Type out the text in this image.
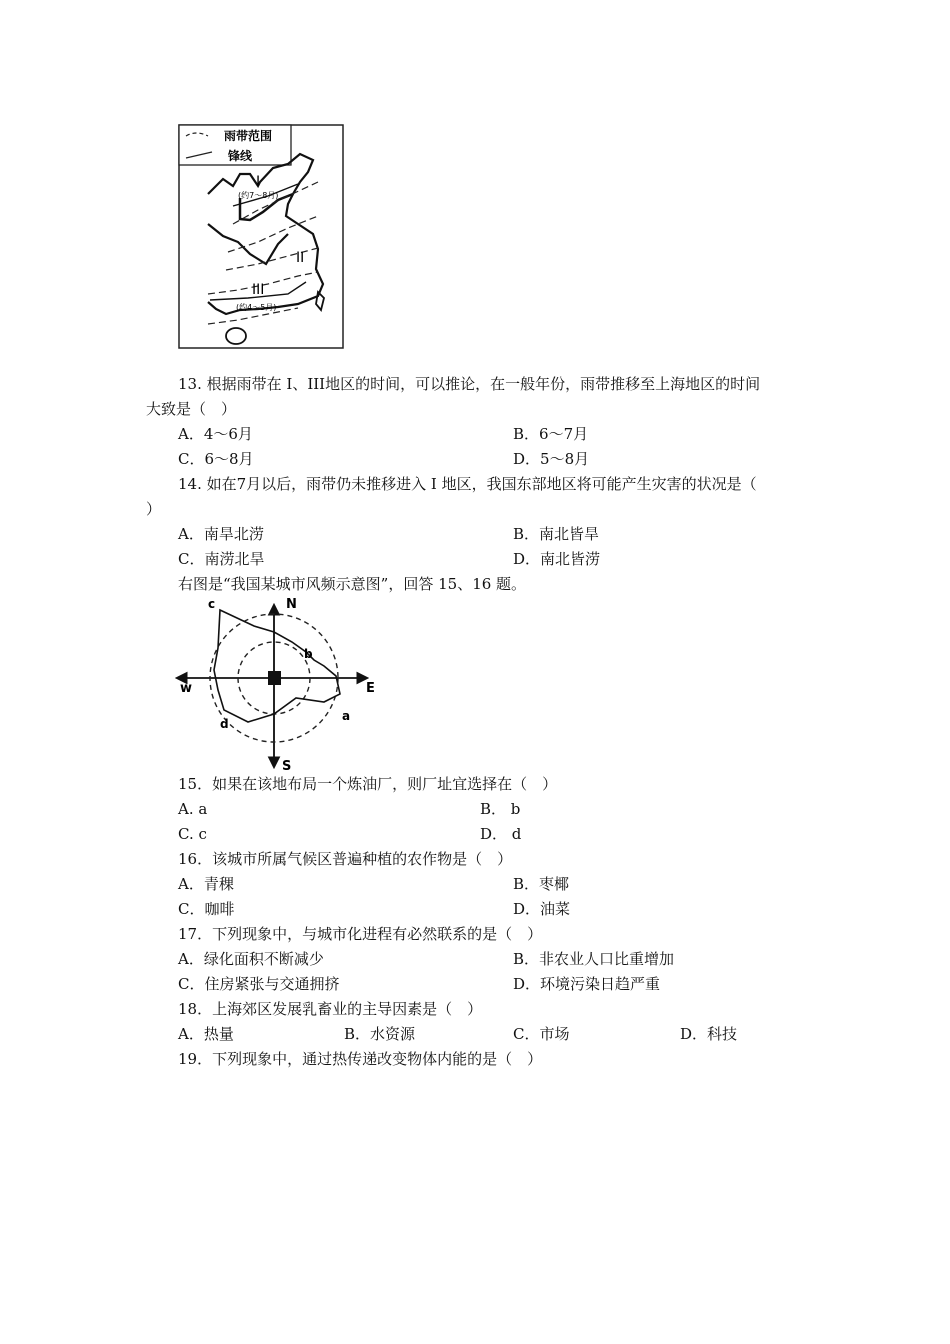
雨带范围
锋线
I
(约7～8月)
II
III
(约4～5月)
13. 根据雨带在 I、III地区的时间，可以推论，在一般年份，雨带推移至上海地区的时间
大致是（　）
A．4～6月	B．6～7月
C．6～8月	D．5～8月
14. 如在7月以后，雨带仍未推移进入 I 地区，我国东部地区将可能产生灾害的状况是（
）
A．南旱北涝	B．南北皆旱
C．南涝北旱	D．南北皆涝
右图是“我国某城市风频示意图”，回答 15、16 题。
N
S
E
w
a
b
c
d
15．如果在该地布局一个炼油厂，则厂址宜选择在（　）
A. a	B． b
C. c	D． d
16．该城市所属气候区普遍种植的农作物是（　）
A．青稞	B．枣椰
C．咖啡	D．油菜
17．下列现象中，与城市化进程有必然联系的是（　）
A．绿化面积不断减少	B．非农业人口比重增加
C．住房紧张与交通拥挤	D．环境污染日趋严重
18．上海郊区发展乳畜业的主导因素是（　）
A．热量	B．水资源	C．市场	D．科技
19．下列现象中，通过热传递改变物体内能的是（　）
